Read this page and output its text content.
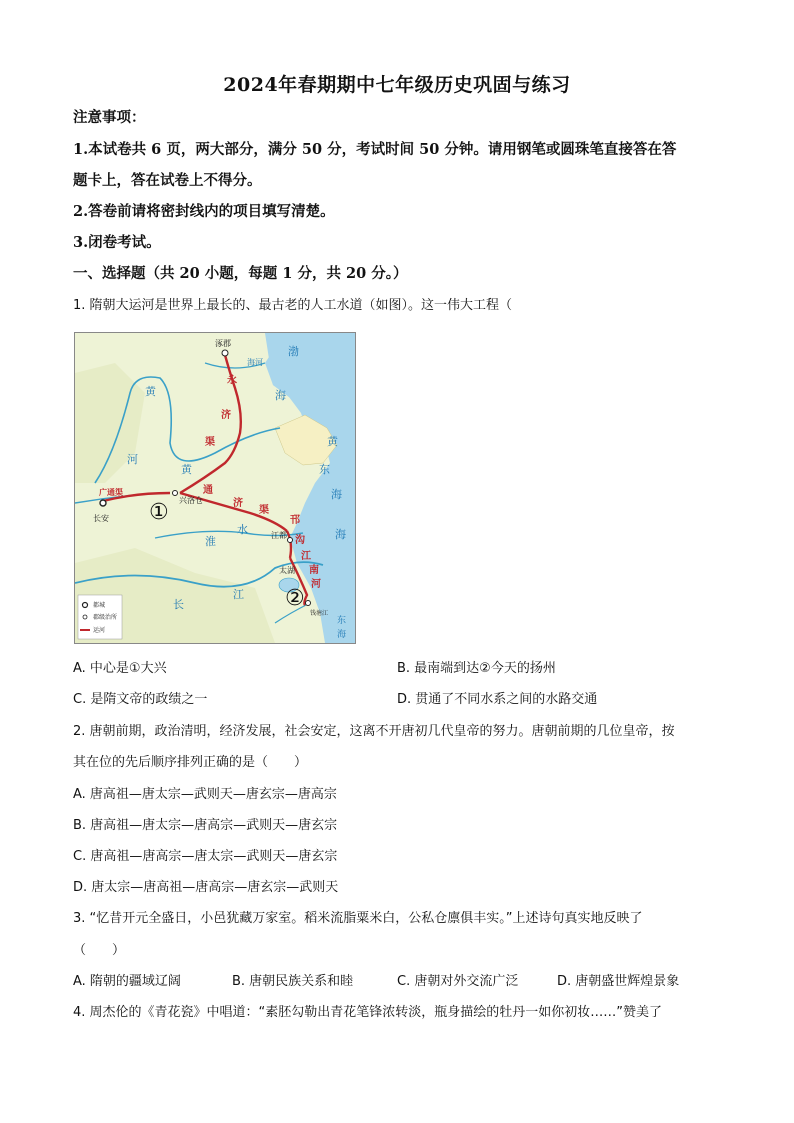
2024年春期期中七年级历史巩固与练习
注意事项：
1.本试卷共 6 页，两大部分，满分 50 分，考试时间 50 分钟。请用钢笔或圆珠笔直接答在答
题卡上，答在试卷上不得分。
2.答卷前请将密封线内的项目填写清楚。
3.闭卷考试。
一、选择题（共 20 小题，每题 1 分，共 20 分。）
1. 隋朝大运河是世界上最长的、最古老的人工水道（如图）。这一伟大工程（
涿郡
海河
长安
兴洛仓
江都
太湖
钱塘江
永
济
渠
广通渠	通
济
渠
邗
沟
江
南
河
渤
海
黄
河
黄
东
海
海
黄
淮
水
长
江
东
海
①
②
都城
郡级治所
运河
A. 中心是①大兴	B. 最南端到达②今天的扬州
C. 是隋文帝的政绩之一	D. 贯通了不同水系之间的水路交通
2. 唐朝前期，政治清明，经济发展，社会安定，这离不开唐初几代皇帝的努力。唐朝前期的几位皇帝，按
其在位的先后顺序排列正确的是（　　）
A. 唐高祖—唐太宗—武则天—唐玄宗—唐高宗
B. 唐高祖—唐太宗—唐高宗—武则天—唐玄宗
C. 唐高祖—唐高宗—唐太宗—武则天—唐玄宗
D. 唐太宗—唐高祖—唐高宗—唐玄宗—武则天
3. “忆昔开元全盛日，小邑犹藏万家室。稻米流脂粟米白，公私仓廪俱丰实。”上述诗句真实地反映了
（　　）
A. 隋朝的疆域辽阔	B. 唐朝民族关系和睦	C. 唐朝对外交流广泛	D. 唐朝盛世辉煌景象
4. 周杰伦的《青花瓷》中唱道：“素胚勾勒出青花笔锋浓转淡，瓶身描绘的牡丹一如你初妆……”赞美了
